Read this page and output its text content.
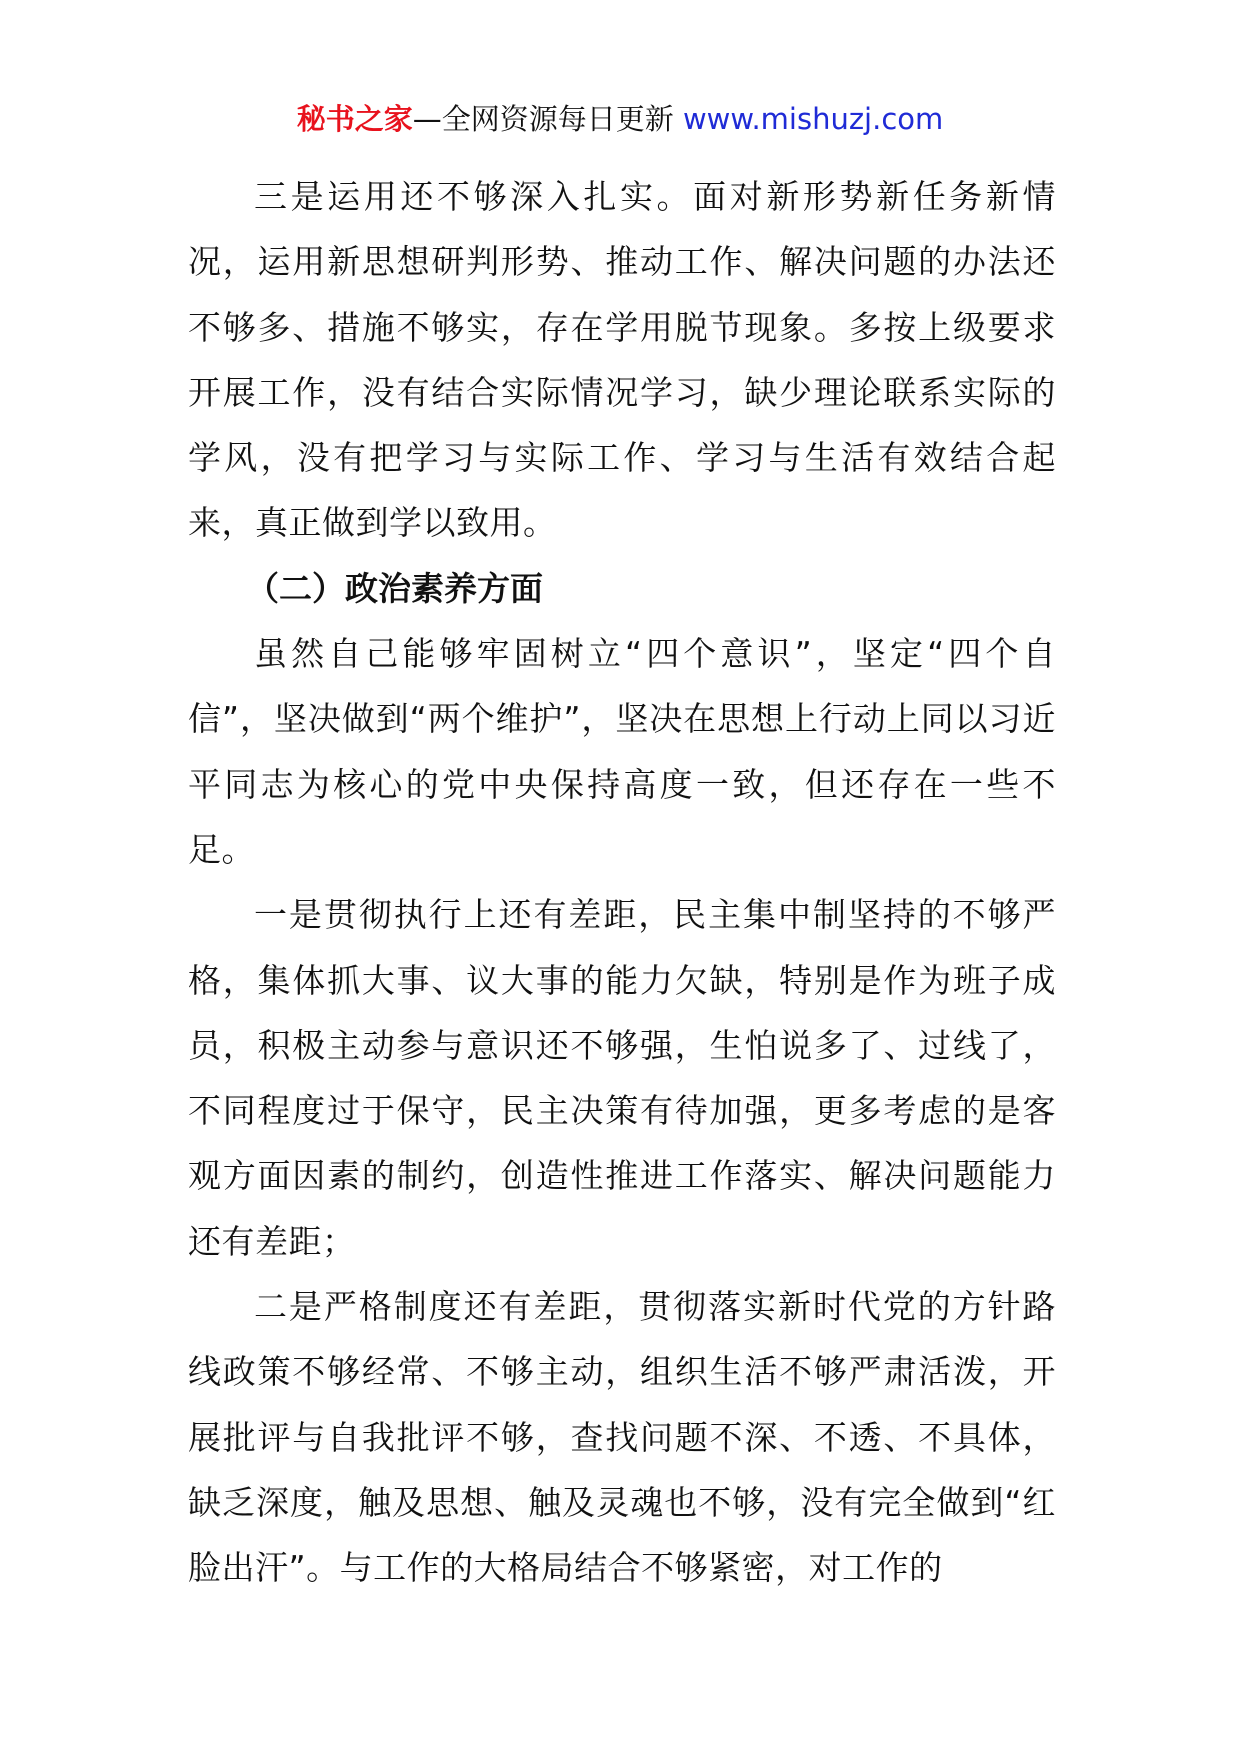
秘书之家—全网资源每日更新 www.mishuzj.com

三是运用还不够深入扎实。面对新形势新任务新情况，运用新思想研判形势、推动工作、解决问题的办法还不够多、措施不够实，存在学用脱节现象。多按上级要求开展工作，没有结合实际情况学习，缺少理论联系实际的学风，没有把学习与实际工作、学习与生活有效结合起来，真正做到学以致用。

（二）政治素养方面

虽然自己能够牢固树立“四个意识”，坚定“四个自信”，坚决做到“两个维护”，坚决在思想上行动上同以习近平同志为核心的党中央保持高度一致，但还存在一些不足。

一是贯彻执行上还有差距，民主集中制坚持的不够严格，集体抓大事、议大事的能力欠缺，特别是作为班子成员，积极主动参与意识还不够强，生怕说多了、过线了，不同程度过于保守，民主决策有待加强，更多考虑的是客观方面因素的制约，创造性推进工作落实、解决问题能力还有差距；

二是严格制度还有差距，贯彻落实新时代党的方针路线政策不够经常、不够主动，组织生活不够严肃活泼，开展批评与自我批评不够，查找问题不深、不透、不具体，缺乏深度，触及思想、触及灵魂也不够，没有完全做到“红脸出汗”。与工作的大格局结合不够紧密，对工作的
